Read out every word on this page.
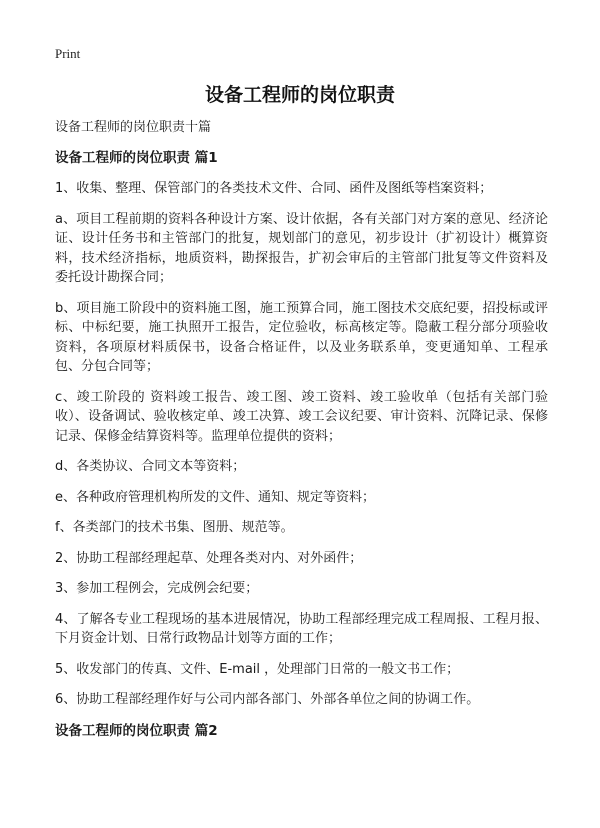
Print
设备工程师的岗位职责

设备工程师的岗位职责十篇

设备工程师的岗位职责 篇1

1、收集、整理、保管部门的各类技术文件、合同、函件及图纸等档案资料；

a、项目工程前期的资料各种设计方案、设计依据，各有关部门对方案的意见、经济论证、设计任务书和主管部门的批复，规划部门的意见，初步设计（扩初设计）概算资料，技术经济指标，地质资料，勘探报告，扩初会审后的主管部门批复等文件资料及委托设计勘探合同；

b、项目施工阶段中的资料施工图，施工预算合同，施工图技术交底纪要，招投标或评标、中标纪要，施工执照开工报告，定位验收，标高核定等。隐蔽工程分部分项验收资料，各项原材料质保书，设备合格证件，以及业务联系单，变更通知单、工程承包、分包合同等；

c、竣工阶段的 资料竣工报告、竣工图、竣工资料、竣工验收单（包括有关部门验收）、设备调试、验收核定单、竣工决算、竣工会议纪要、审计资料、沉降记录、保修记录、保修金结算资料等。监理单位提供的资料；

d、各类协议、合同文本等资料；

e、各种政府管理机构所发的文件、通知、规定等资料；

f、各类部门的技术书集、图册、规范等。

2、协助工程部经理起草、处理各类对内、对外函件；

3、参加工程例会，完成例会纪要；

4、了解各专业工程现场的基本进展情况，协助工程部经理完成工程周报、工程月报、下月资金计划、日常行政物品计划等方面的工作；

5、收发部门的传真、文件、E-mail ，处理部门日常的一般文书工作；

6、协助工程部经理作好与公司内部各部门、外部各单位之间的协调工作。

设备工程师的岗位职责 篇2
